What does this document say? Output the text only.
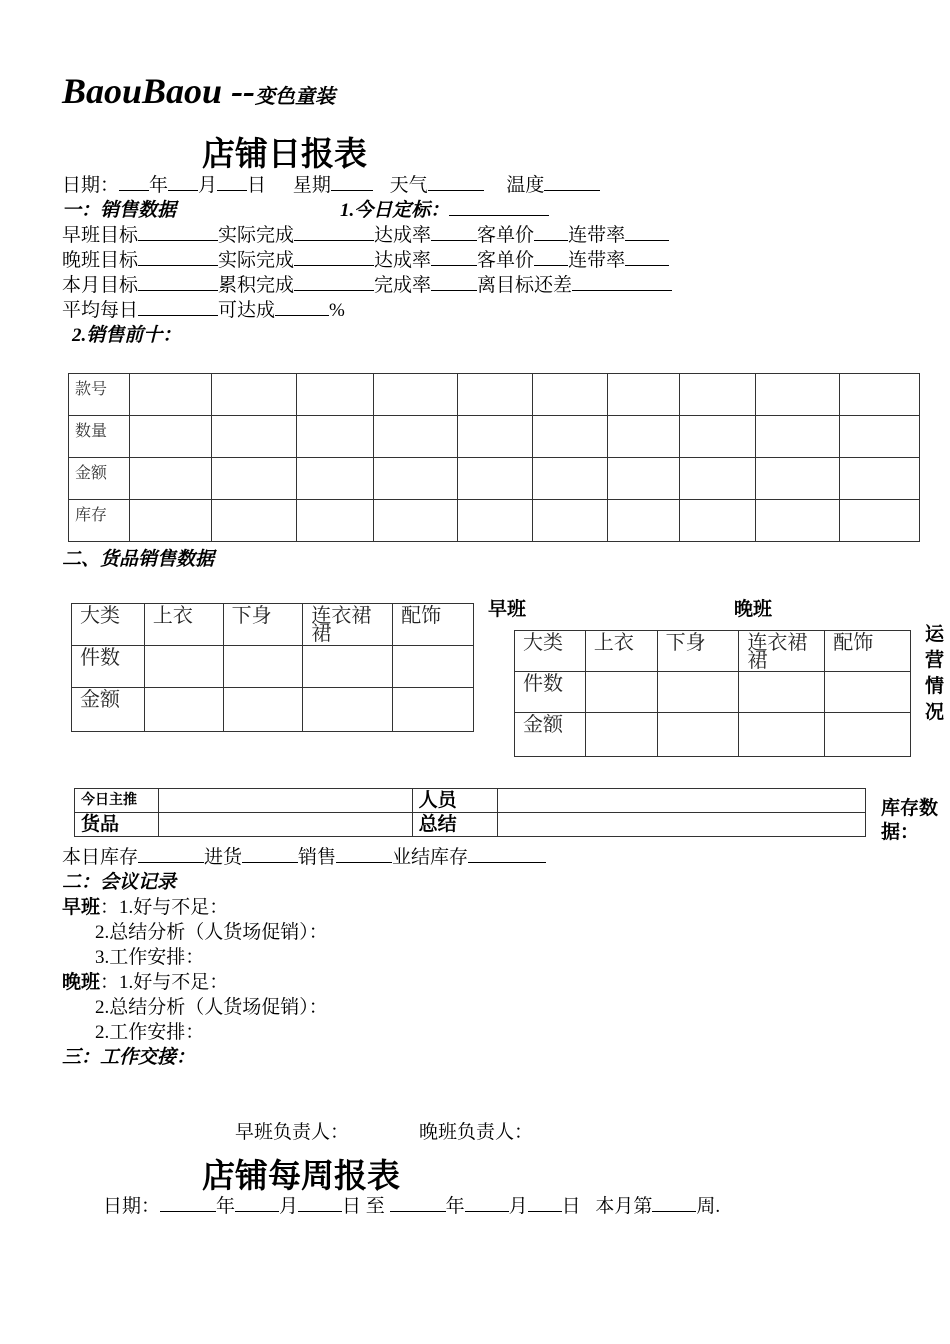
BaouBaou --变色童装
店铺日报表
日期： 年 月 日 星期	天气	温度
一：销售数据	1.今日定标：
早班目标	实际完成	达成率 客单价 连带率
晚班目标	实际完成	达成率 客单价 连带率
本月目标	累积完成	完成率 离目标还差
平均每日	可达成	%
2.销售前十：
款号										
数量										
金额										
库存										
二、货品销售数据
早班	晚班
大类	上衣	下身	连衣裙裙	配饰
件数				
金额				
大类	上衣	下身	连衣裙裙	配饰
件数				
金额				
运营情况
今日主推		人员	
货品		总结	
库存数据：
本日库存	进货	销售	业结库存
二：会议记录
早班：1.好与不足：
2.总结分析（人货场促销）：
3.工作安排：
晚班：1.好与不足：
2.总结分析（人货场促销）：
2.工作安排：
三：工作交接：
早班负责人：	晚班负责人：
店铺每周报表
日期：	年 月 日 至	年 月 日 本月第 周.
